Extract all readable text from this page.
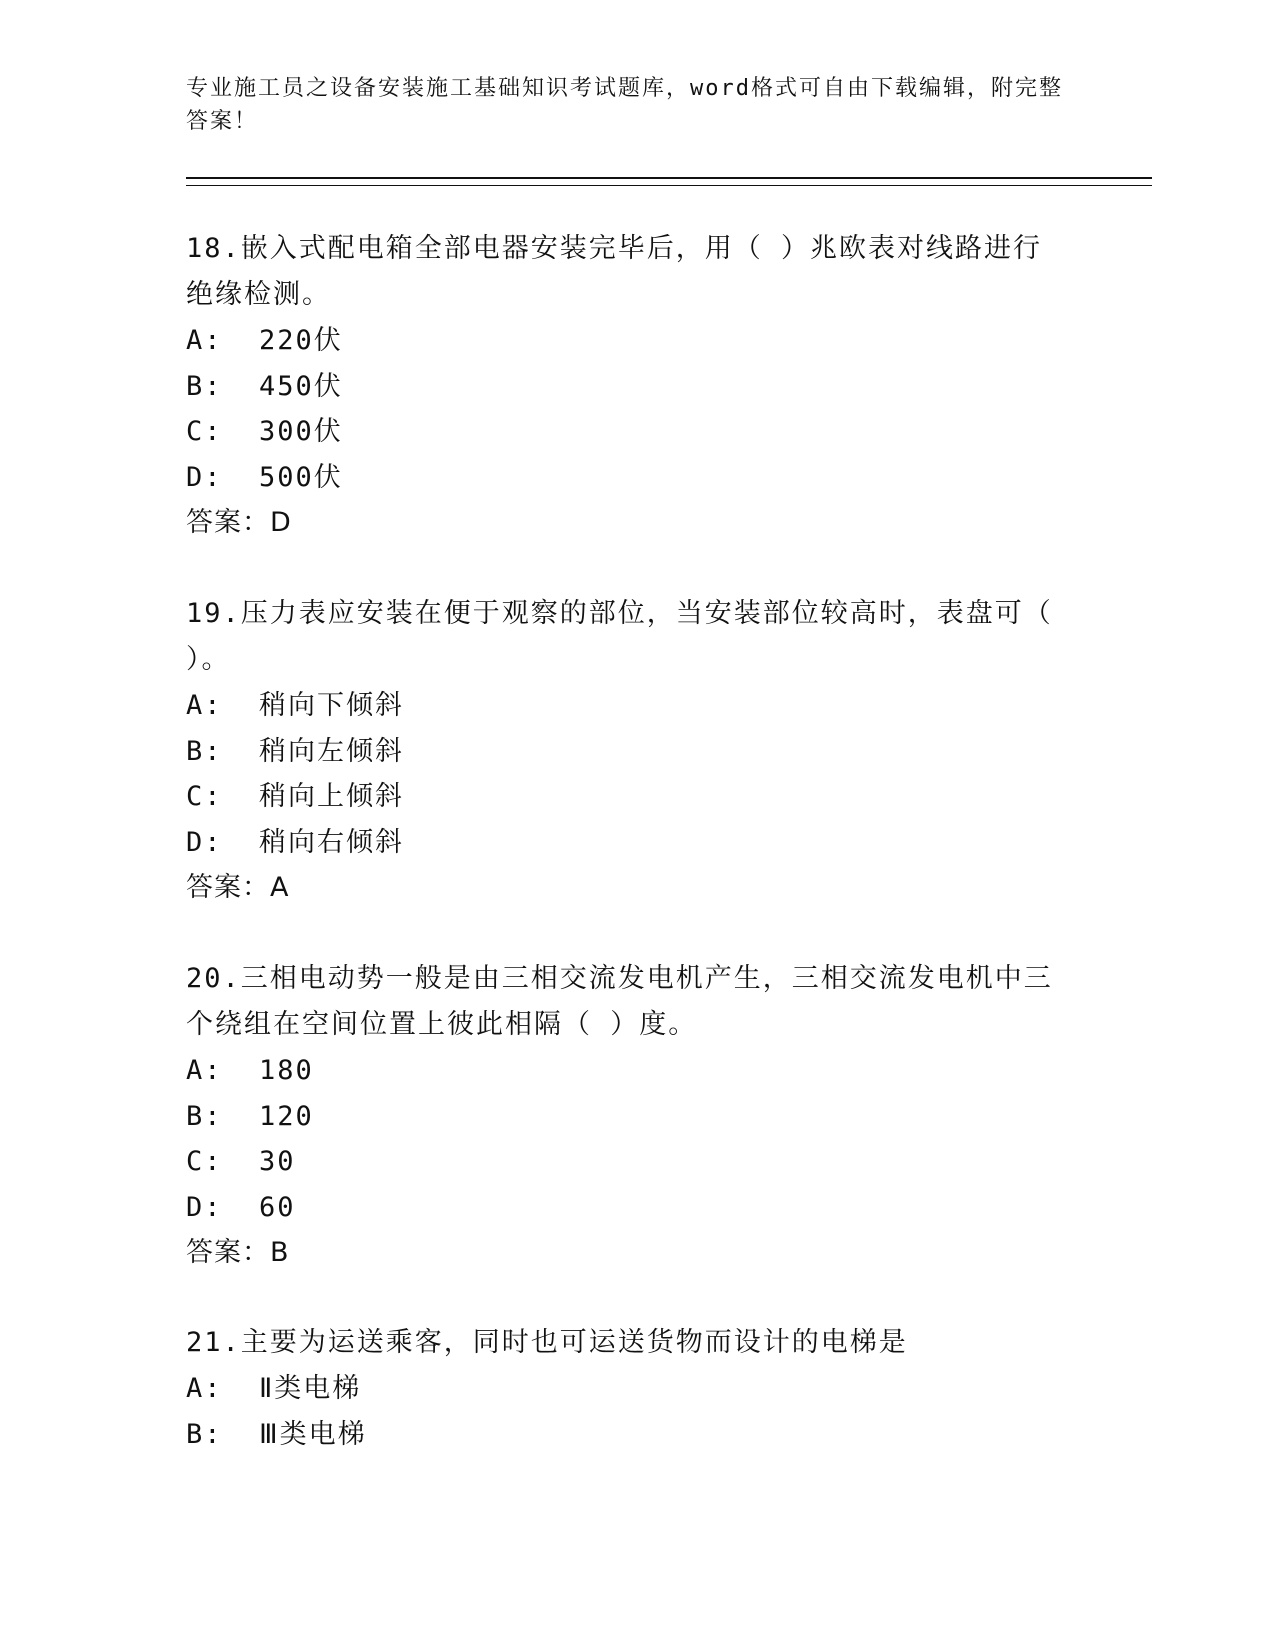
专业施工员之设备安装施工基础知识考试题库，word格式可自由下载编辑，附完整答案！
18.嵌入式配电箱全部电器安装完毕后，用（ ）兆欧表对线路进行绝缘检测。
A:  220伏
B:  450伏
C:  300伏
D:  500伏
答案：D
19.压力表应安装在便于观察的部位，当安装部位较高时，表盘可（ ）。
A:  稍向下倾斜
B:  稍向左倾斜
C:  稍向上倾斜
D:  稍向右倾斜
答案：A
20.三相电动势一般是由三相交流发电机产生，三相交流发电机中三个绕组在空间位置上彼此相隔（ ）度。
A:  180
B:  120
C:  30
D:  60
答案：B
21.主要为运送乘客，同时也可运送货物而设计的电梯是
A:  Ⅱ类电梯
B:  Ⅲ类电梯
